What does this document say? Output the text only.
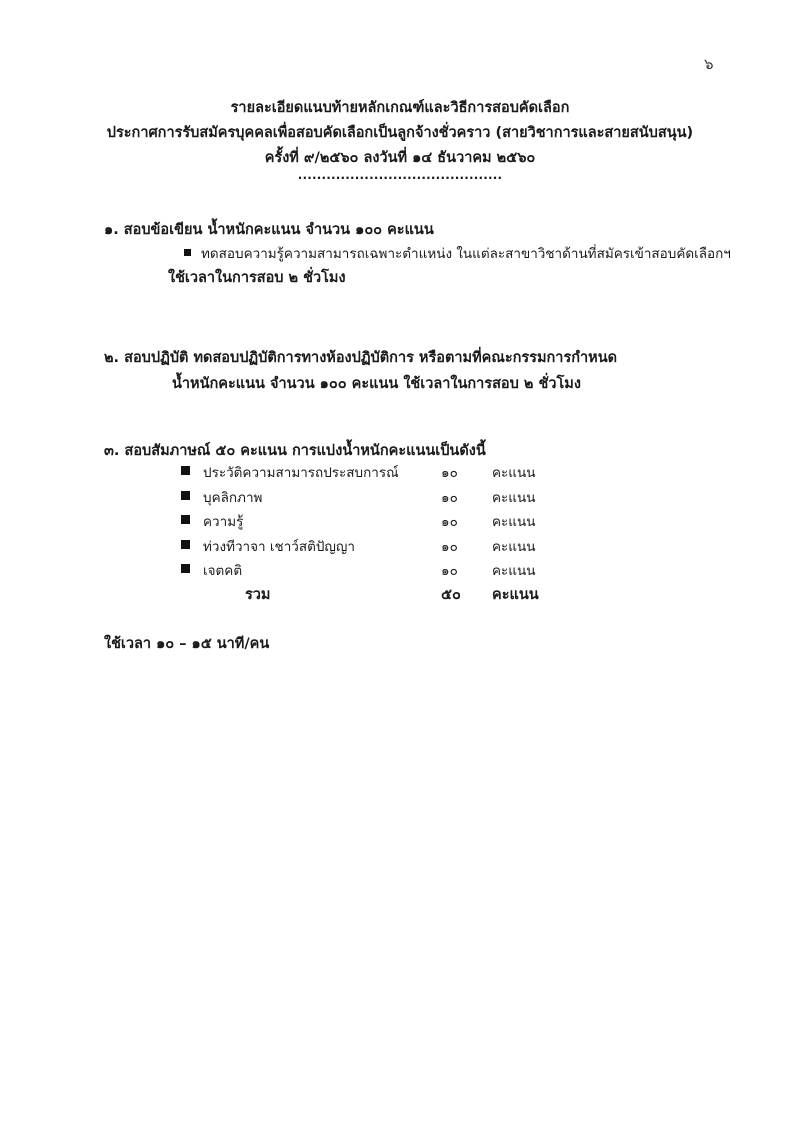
๖
รายละเอียดแนบท้ายหลักเกณฑ์และวิธีการสอบคัดเลือก
ประกาศการรับสมัครบุคคลเพื่อสอบคัดเลือกเป็นลูกจ้างชั่วคราว (สายวิชาการและสายสนับสนุน)
ครั้งที่ ๙/๒๕๖๐ ลงวันที่ ๑๔ ธันวาคม ๒๕๖๐
...........................................
๑. สอบข้อเขียน น้ำหนักคะแนน จำนวน ๑๐๐ คะแนน
ทดสอบความรู้ความสามารถเฉพาะตำแหน่ง ในแต่ละสาขาวิชาด้านที่สมัครเข้าสอบคัดเลือกฯ
ใช้เวลาในการสอบ ๒ ชั่วโมง
๒. สอบปฏิบัติ ทดสอบปฏิบัติการทางห้องปฏิบัติการ หรือตามที่คณะกรรมการกำหนด
น้ำหนักคะแนน จำนวน ๑๐๐ คะแนน ใช้เวลาในการสอบ ๒ ชั่วโมง
๓. สอบสัมภาษณ์ ๕๐ คะแนน การแบ่งน้ำหนักคะแนนเป็นดังนี้
ประวัติความสามารถประสบการณ์	๑๐	คะแนน
บุคลิกภาพ	๑๐	คะแนน
ความรู้	๑๐	คะแนน
ท่วงทีวาจา เชาว์สติปัญญา	๑๐	คะแนน
เจตคติ	๑๐	คะแนน
รวม	๕๐ คะแนน
ใช้เวลา ๑๐ – ๑๕ นาที/คน
